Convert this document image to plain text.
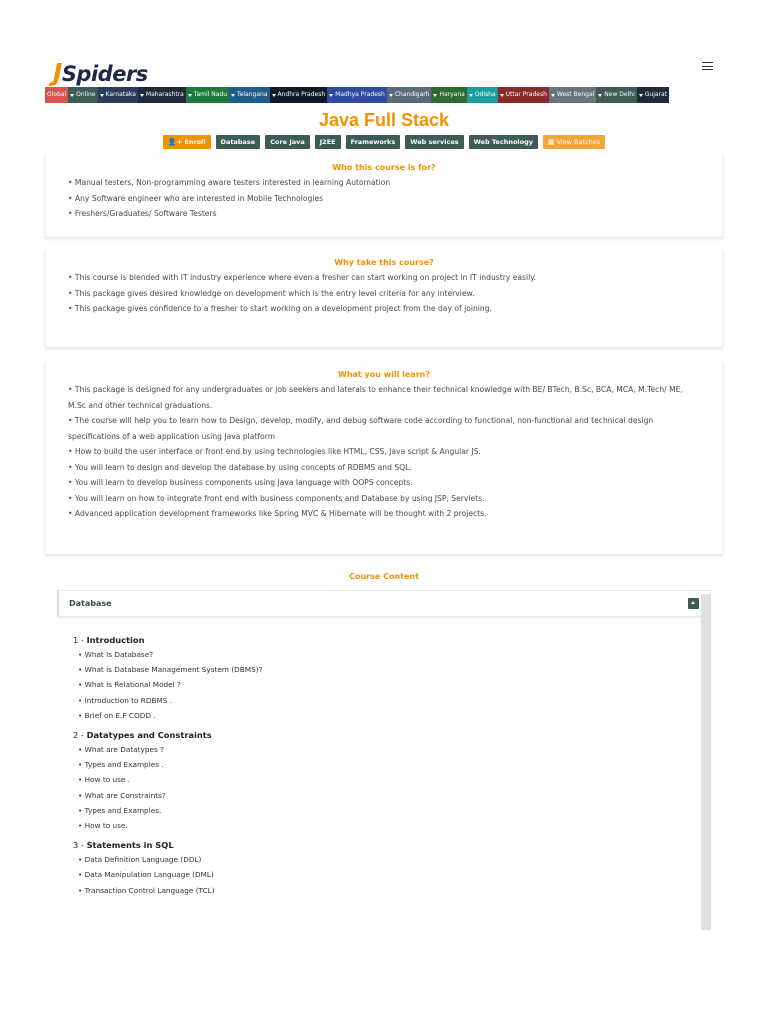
JSpiders
Global Online Karnataka Maharashtra Tamil Nadu Telangana Andhra Pradesh Madhya Pradesh Chandigarh Haryana Odisha Uttar Pradesh West Bengal New Delhi Gujarat
Java Full Stack
👤+ Enroll	Database	Core Java	J2EE	Frameworks	Web services	Web Technology	▦ View Batches
Who this course is for?
• Manual testers, Non-programming aware testers interested in learning Automation
• Any Software engineer who are interested in Mobile Technologies
• Freshers/Graduates/ Software Testers
Why take this course?
• This course is blended with IT industry experience where even a fresher can start working on project in IT industry easily.
• This package gives desired knowledge on development which is the entry level criteria for any interview.
• This package gives confidence to a fresher to start working on a development project from the day of joining.
What you will learn?
• This package is designed for any undergraduates or job seekers and laterals to enhance their technical knowledge with BE/ BTech, B.Sc, BCA, MCA, M.Tech/ ME, M.Sc and other technical graduations.
• The course will help you to learn how to Design, develop, modify, and debug software code according to functional, non-functional and technical design specifications of a web application using Java platform
• How to build the user interface or front end by using technologies like HTML, CSS, Java script & Angular JS.
• You will learn to design and develop the database by using concepts of RDBMS and SQL.
• You will learn to develop business components using Java language with OOPS concepts.
• You will learn on how to integrate front end with business components and Database by using JSP, Servlets.
• Advanced application development frameworks like Spring MVC & Hibernate will be thought with 2 projects.
Course Content
Database
1 - Introduction
• What Is Database?
• What is Database Management System (DBMS)?
• What is Relational Model ?
• Introduction to RDBMS .
• Brief on E.F CODD .
2 - Datatypes and Constraints
• What are Datatypes ?
• Types and Examples .
• How to use .
• What are Constraints?
• Types and Examples.
• How to use.
3 - Statements in SQL
• Data Definition Language (DDL)
• Data Manipulation Language (DML)
• Transaction Control Language (TCL)
